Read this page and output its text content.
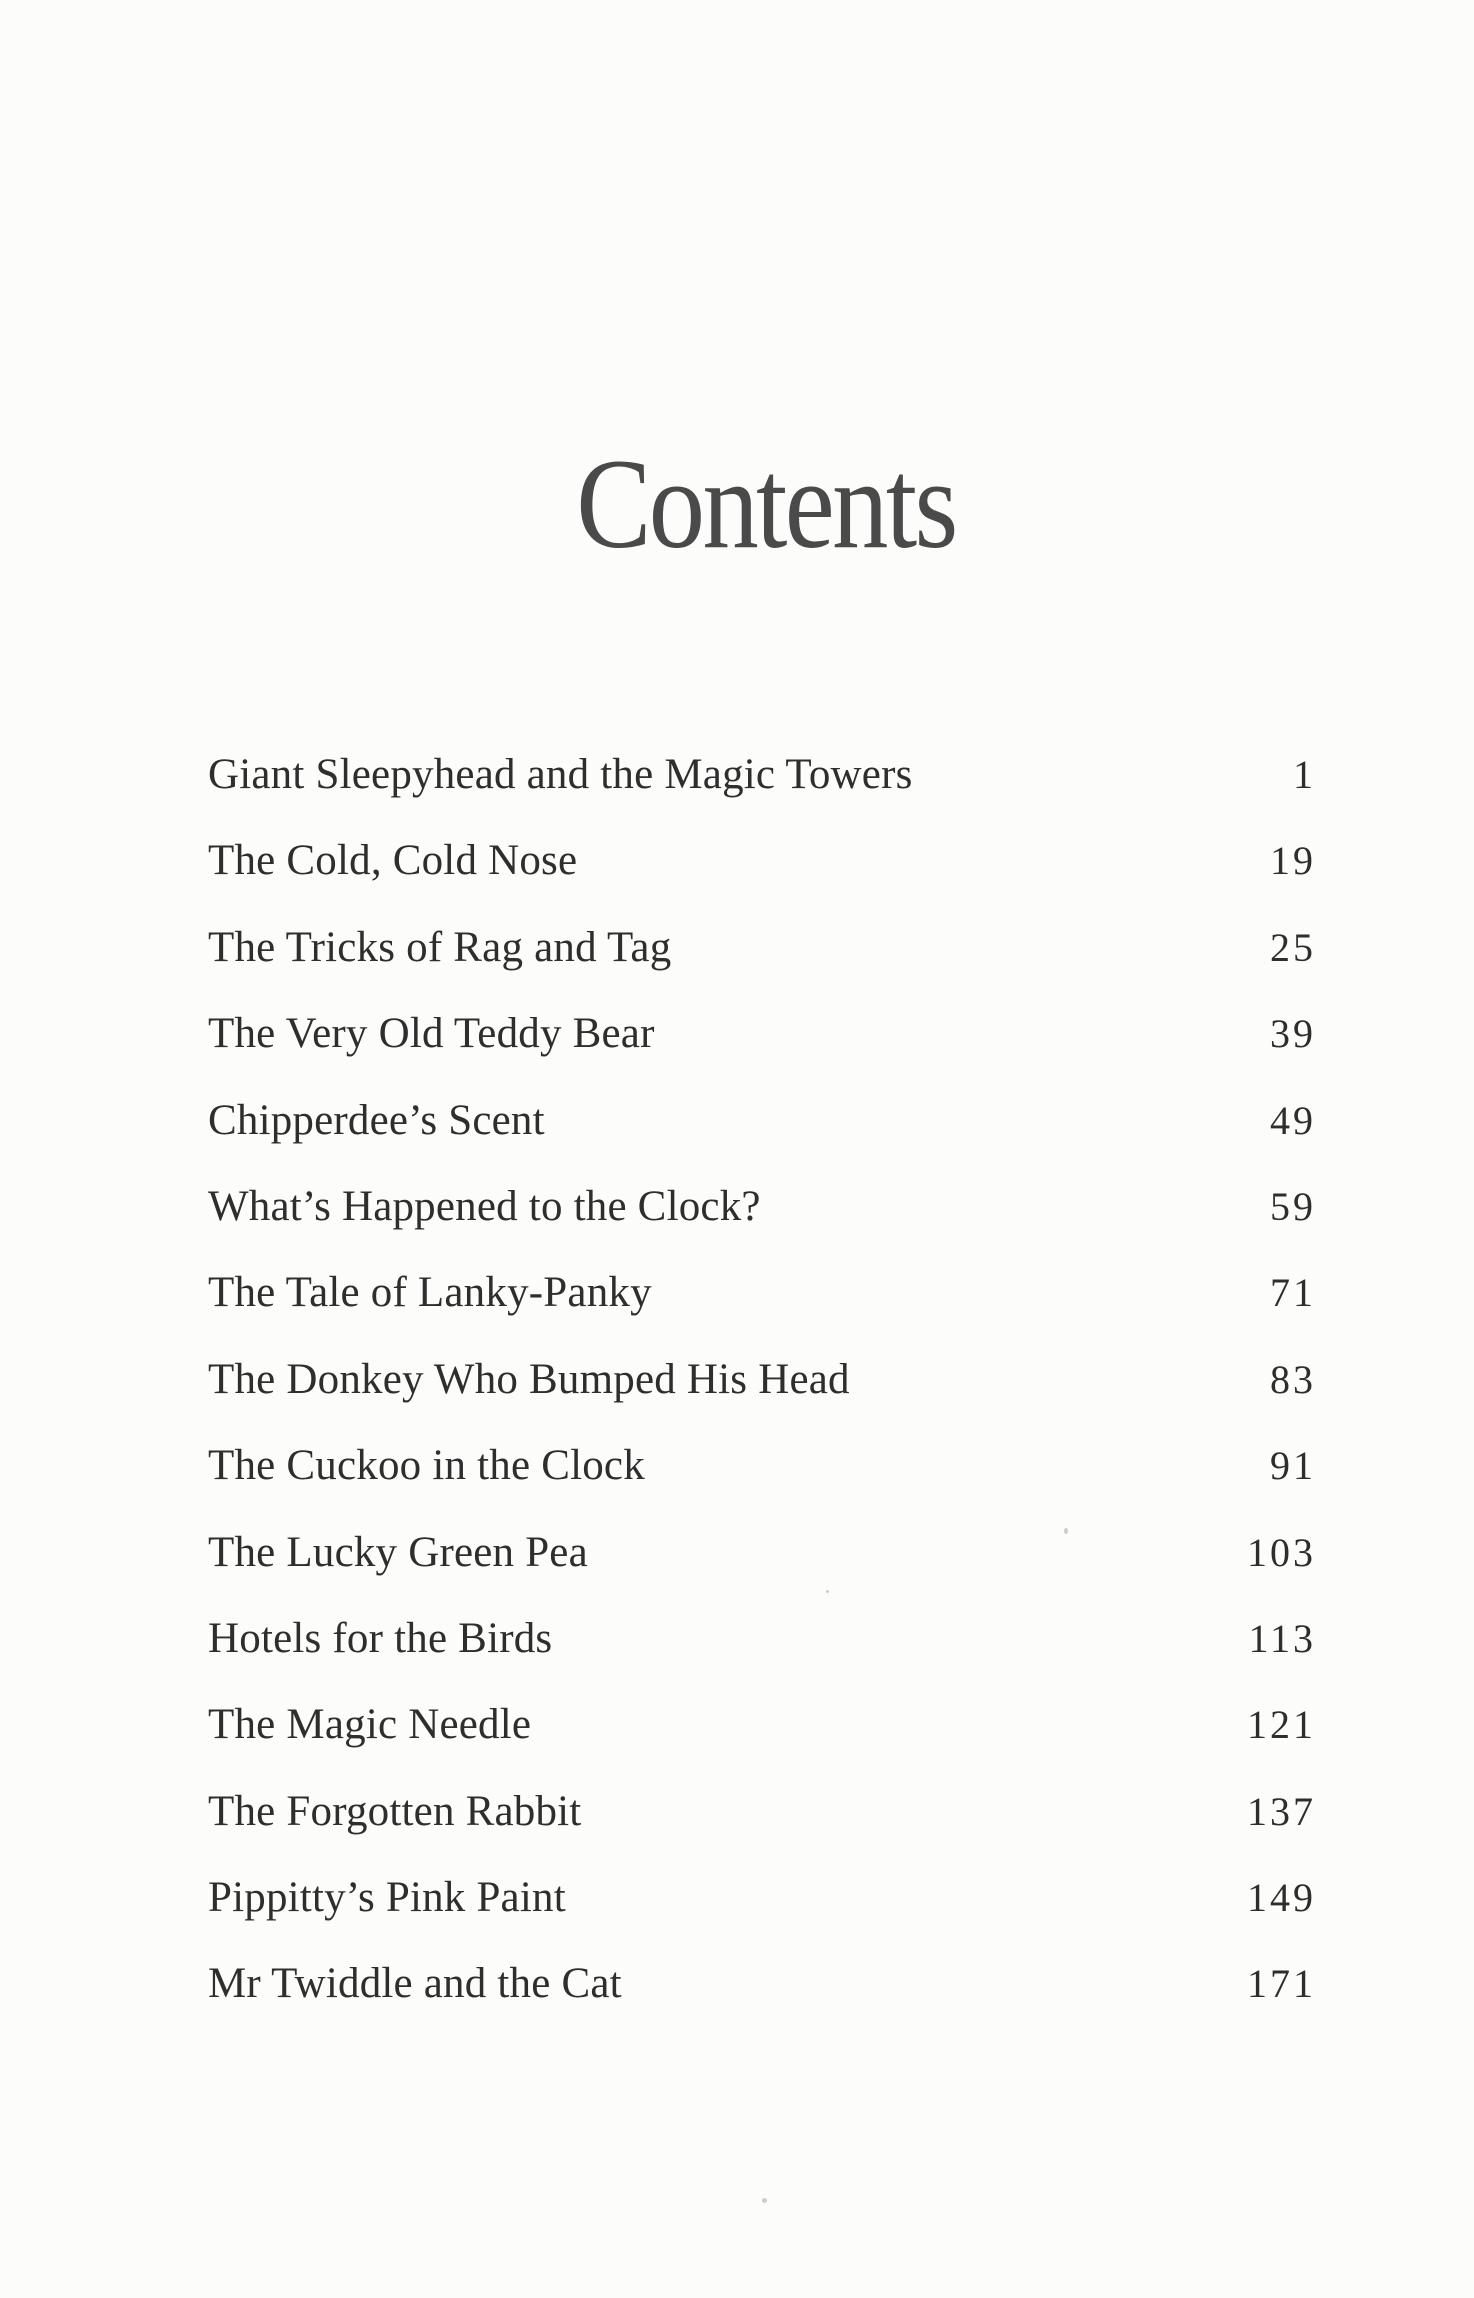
Contents
Giant Sleepyhead and the Magic Towers	1
The Cold, Cold Nose	19
The Tricks of Rag and Tag	25
The Very Old Teddy Bear	39
Chipperdee’s Scent	49
What’s Happened to the Clock?	59
The Tale of Lanky-Panky	71
The Donkey Who Bumped His Head	83
The Cuckoo in the Clock	91
The Lucky Green Pea	103
Hotels for the Birds	113
The Magic Needle	121
The Forgotten Rabbit	137
Pippitty’s Pink Paint	149
Mr Twiddle and the Cat	171
